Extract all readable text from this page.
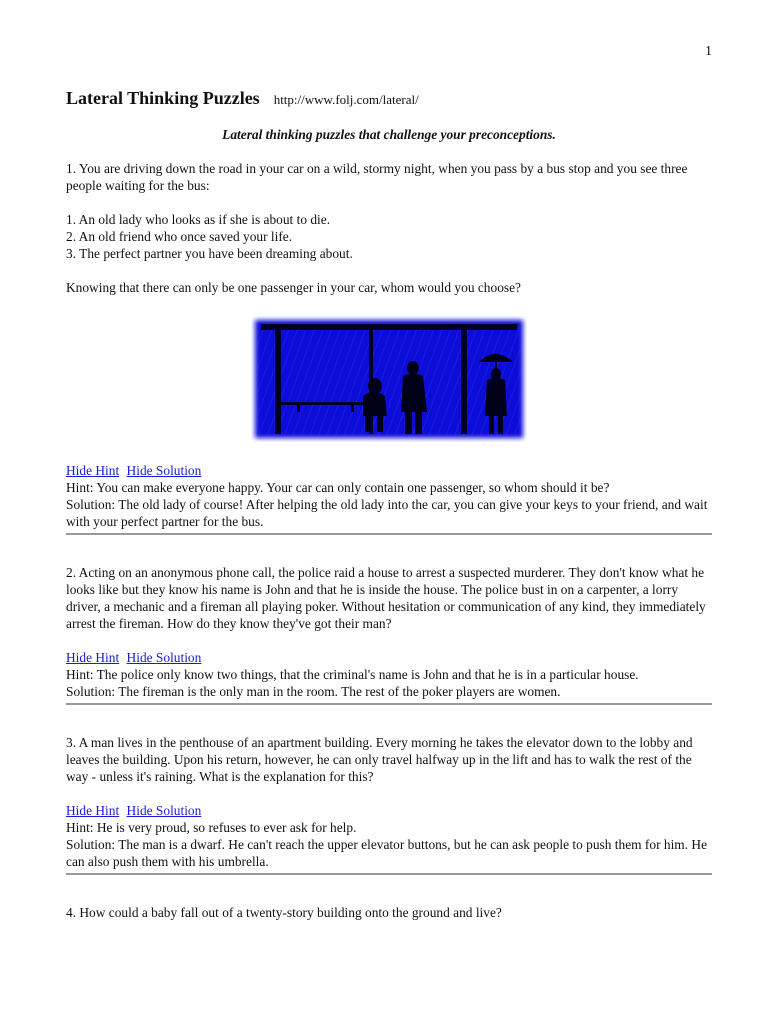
1
Lateral Thinking Puzzles http://www.folj.com/lateral/
Lateral thinking puzzles that challenge your preconceptions.

1. You are driving down the road in your car on a wild, stormy night, when you pass by a bus stop and you see three people waiting for the bus:

1. An old lady who looks as if she is about to die.

2. An old friend who once saved your life.

3. The perfect partner you have been dreaming about.

Knowing that there can only be one passenger in your car, whom would you choose?

Hide Hint Hide Solution

Hint: You can make everyone happy. Your car can only contain one passenger, so whom should it be?

Solution: The old lady of course! After helping the old lady into the car, you can give your keys to your friend, and wait with your perfect partner for the bus.

2. Acting on an anonymous phone call, the police raid a house to arrest a suspected murderer. They don't know what he looks like but they know his name is John and that he is inside the house. The police bust in on a carpenter, a lorry driver, a mechanic and a fireman all playing poker. Without hesitation or communication of any kind, they immediately arrest the fireman. How do they know they've got their man?

Hide Hint Hide Solution

Hint: The police only know two things, that the criminal's name is John and that he is in a particular house.

Solution: The fireman is the only man in the room. The rest of the poker players are women.

3. A man lives in the penthouse of an apartment building. Every morning he takes the elevator down to the lobby and leaves the building. Upon his return, however, he can only travel halfway up in the lift and has to walk the rest of the way - unless it's raining. What is the explanation for this?

Hide Hint Hide Solution

Hint: He is very proud, so refuses to ever ask for help.

Solution: The man is a dwarf. He can't reach the upper elevator buttons, but he can ask people to push them for him. He can also push them with his umbrella.

4. How could a baby fall out of a twenty-story building onto the ground and live?
